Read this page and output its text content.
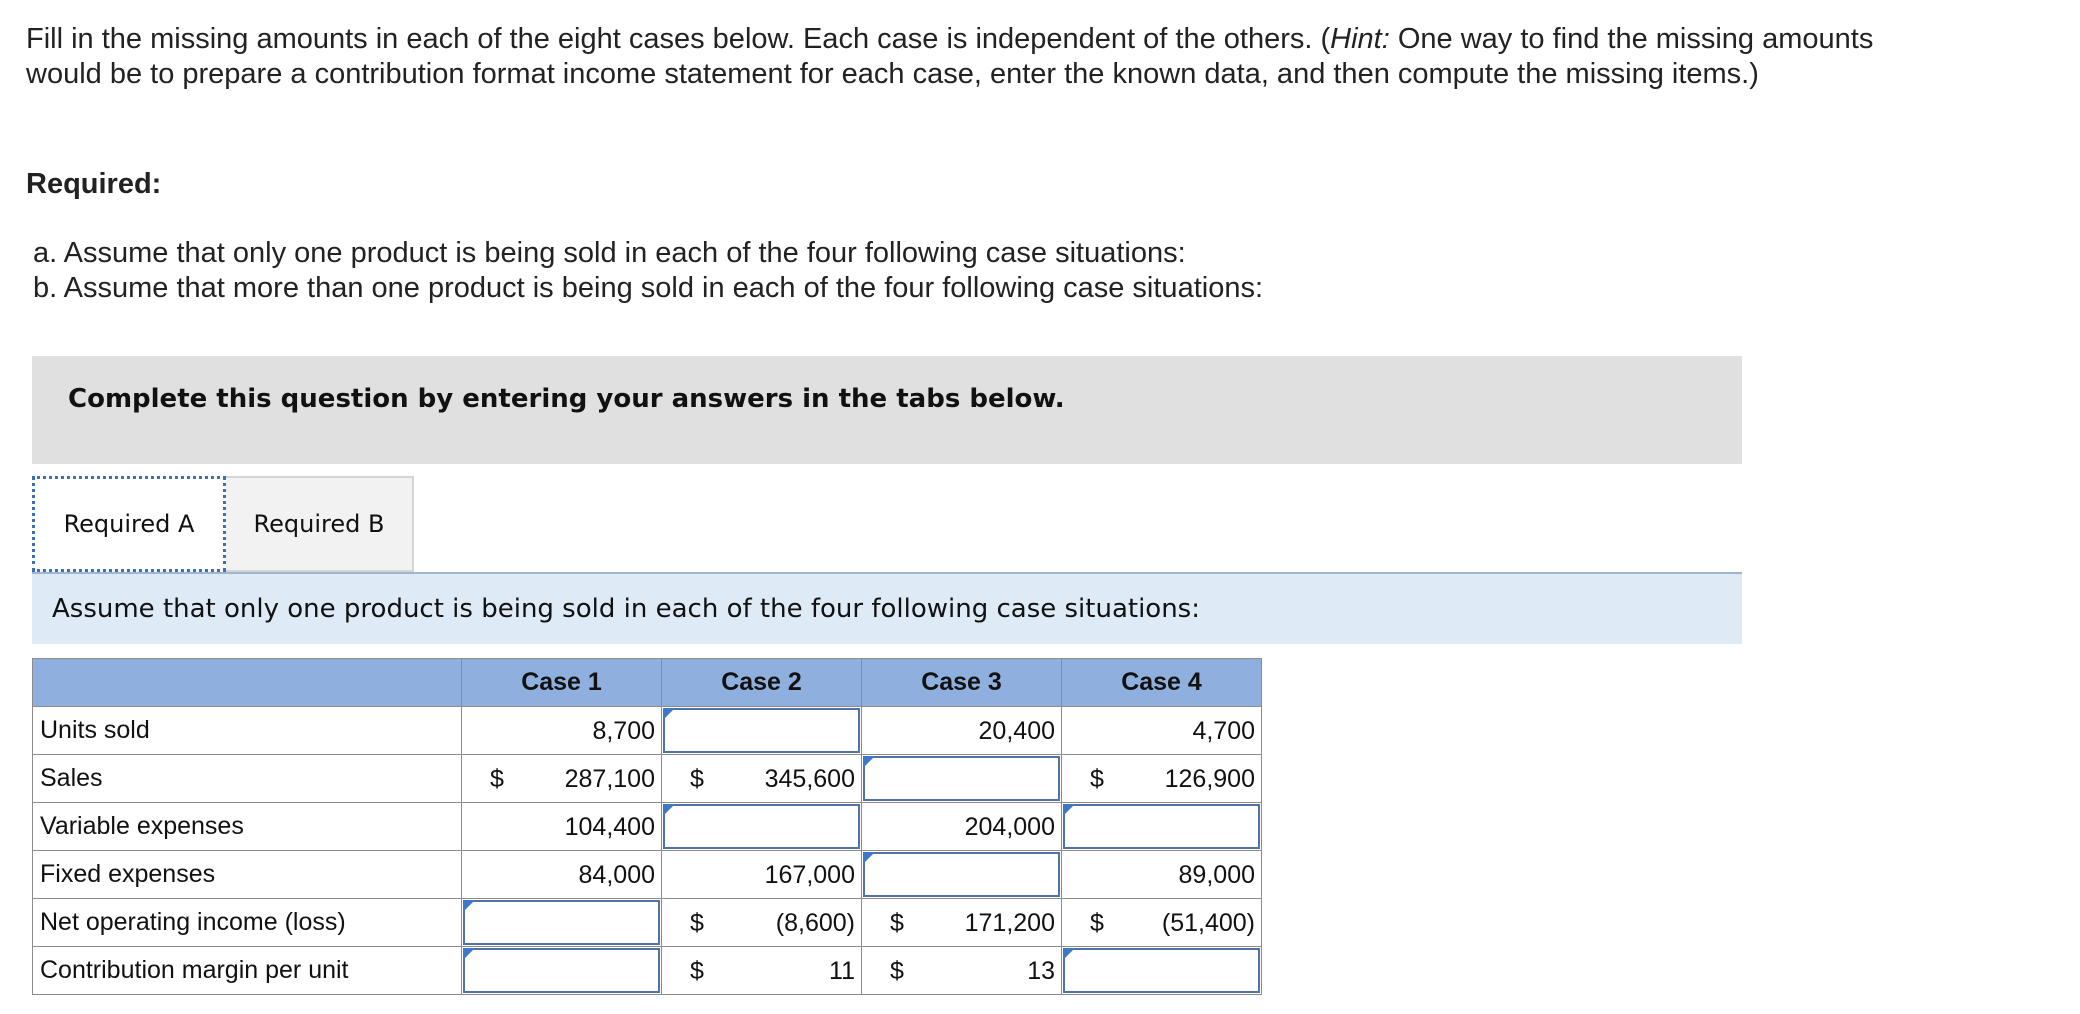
Fill in the missing amounts in each of the eight cases below. Each case is independent of the others. (Hint: One way to find the missing amounts would be to prepare a contribution format income statement for each case, enter the known data, and then compute the missing items.)
Required:
a. Assume that only one product is being sold in each of the four following case situations:
b. Assume that more than one product is being sold in each of the four following case situations:
Complete this question by entering your answers in the tabs below.
Required A	Required B
Assume that only one product is being sold in each of the four following case situations:
	Case 1	Case 2	Case 3	Case 4
Units sold	8,700		20,400	4,700

Sales	$ 287,100	$ 345,600		$ 126,900

Variable expenses	104,400		204,000

Fixed expenses	84,000	167,000		89,000

Net operating income (loss)		$ (8,600)	$ 171,200	$ (51,400)

Contribution margin per unit		$ 11	$ 13
